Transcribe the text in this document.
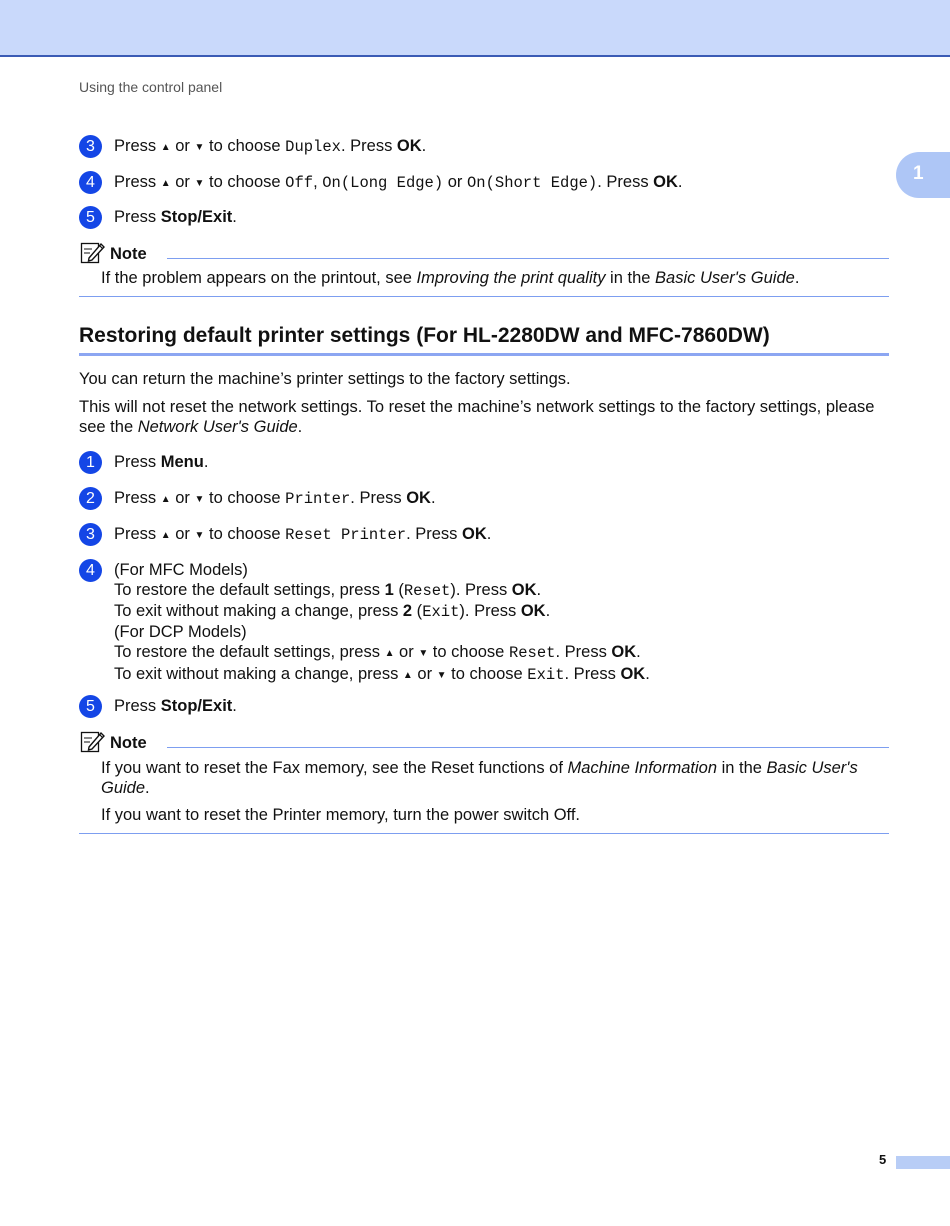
Using the control panel
1
3	Press ▲ or ▼ to choose Duplex. Press OK.
4	Press ▲ or ▼ to choose Off, On(Long Edge) or On(Short Edge). Press OK.
5	Press Stop/Exit.
Note
If the problem appears on the printout, see Improving the print quality in the Basic User's Guide.
Restoring default printer settings (For HL-2280DW and MFC-7860DW)
You can return the machine’s printer settings to the factory settings.
This will not reset the network settings. To reset the machine’s network settings to the factory settings, please see the Network User's Guide.
1	Press Menu.
2	Press ▲ or ▼ to choose Printer. Press OK.
3	Press ▲ or ▼ to choose Reset Printer. Press OK.
4	(For MFC Models)
To restore the default settings, press 1 (Reset). Press OK.
To exit without making a change, press 2 (Exit). Press OK.
(For DCP Models)
To restore the default settings, press ▲ or ▼ to choose Reset. Press OK.
To exit without making a change, press ▲ or ▼ to choose Exit. Press OK.
5	Press Stop/Exit.
Note
If you want to reset the Fax memory, see the Reset functions of Machine Information in the Basic User's Guide.
If you want to reset the Printer memory, turn the power switch Off.
5
